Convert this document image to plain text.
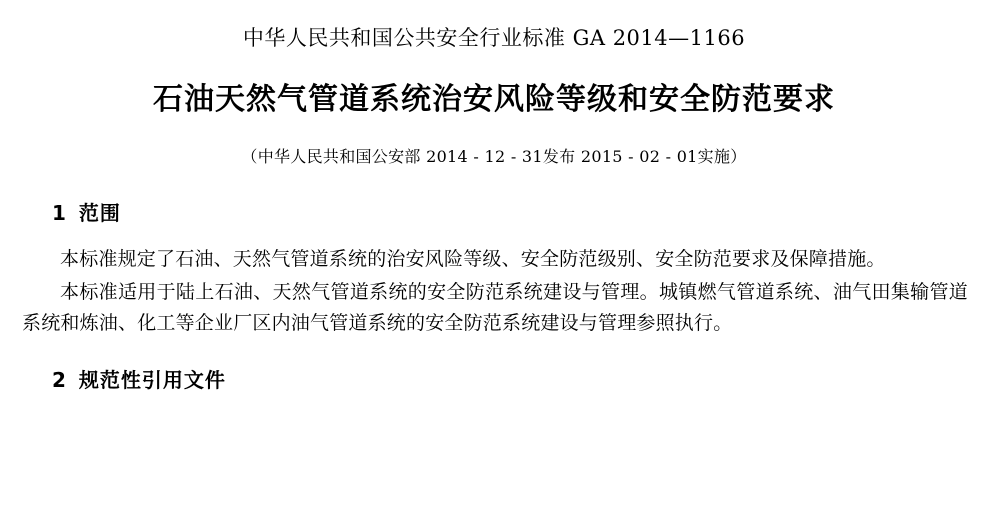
中华人民共和国公共安全行业标准 GA 2014—1166
石油天然气管道系统治安风险等级和安全防范要求
（中华人民共和国公安部 2014 - 12 - 31发布 2015 - 02 - 01实施）
1 范围

本标准规定了石油、天然气管道系统的治安风险等级、安全防范级别、安全防范要求及保障措施。

本标准适用于陆上石油、天然气管道系统的安全防范系统建设与管理。城镇燃气管道系统、油气田集输管道系统和炼油、化工等企业厂区内油气管道系统的安全防范系统建设与管理参照执行。

2 规范性引用文件
